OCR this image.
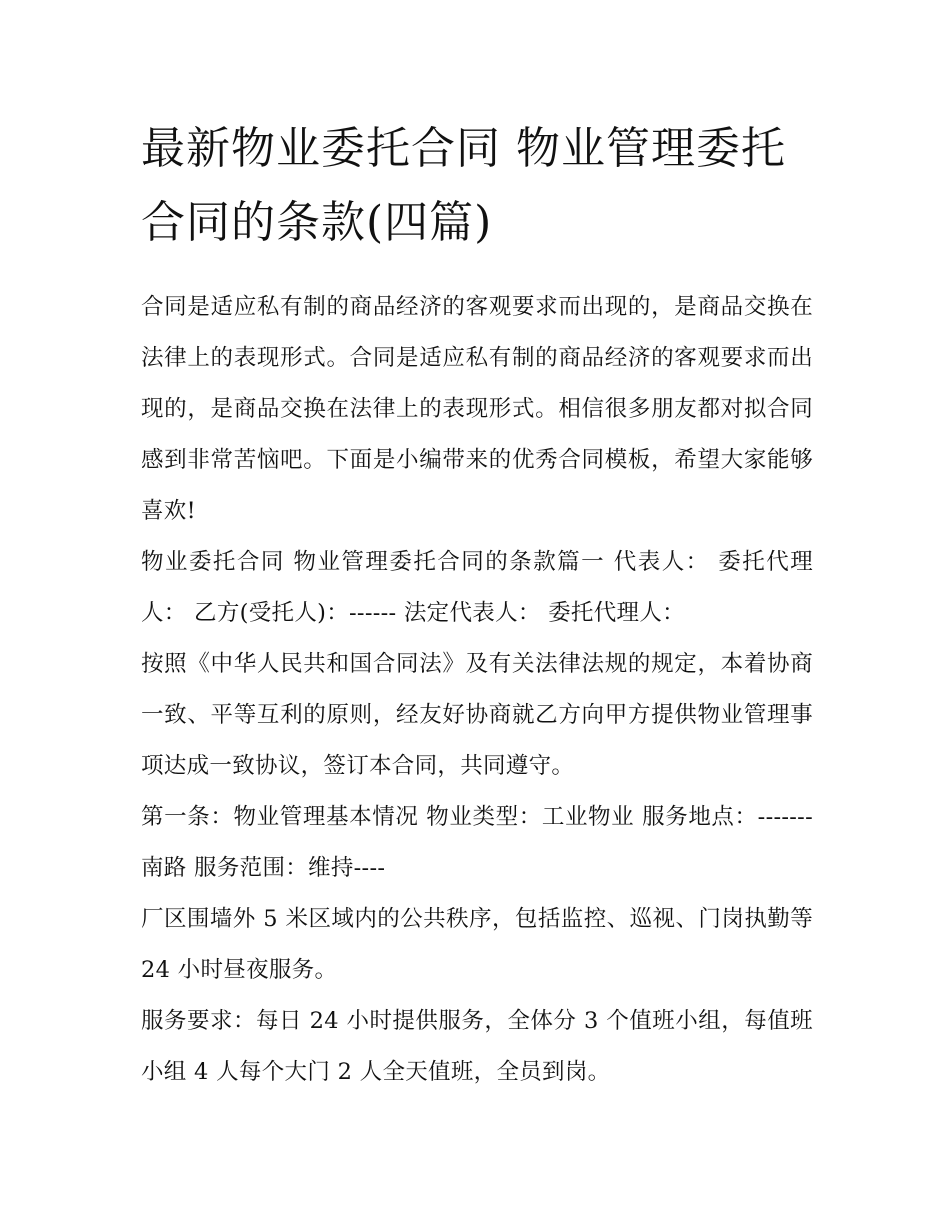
最新物业委托合同 物业管理委托合同的条款(四篇)

合同是适应私有制的商品经济的客观要求而出现的，是商品交换在法律上的表现形式。合同是适应私有制的商品经济的客观要求而出现的，是商品交换在法律上的表现形式。相信很多朋友都对拟合同感到非常苦恼吧。下面是小编带来的优秀合同模板，希望大家能够喜欢!

物业委托合同 物业管理委托合同的条款篇一 代表人： 委托代理人： 乙方(受托人)：------ 法定代表人： 委托代理人：

按照《中华人民共和国合同法》及有关法律法规的规定，本着协商一致、平等互利的原则，经友好协商就乙方向甲方提供物业管理事项达成一致协议，签订本合同，共同遵守。

第一条：物业管理基本情况 物业类型：工业物业 服务地点：-------南路 服务范围：维持----

厂区围墙外 5 米区域内的公共秩序，包括监控、巡视、门岗执勤等 24 小时昼夜服务。

服务要求：每日 24 小时提供服务，全体分 3 个值班小组，每值班小组 4 人每个大门 2 人全天值班，全员到岗。
